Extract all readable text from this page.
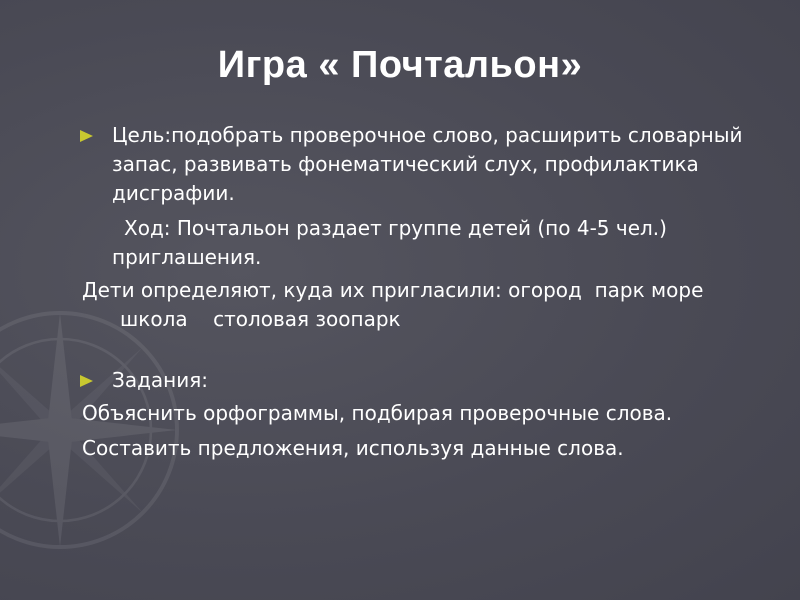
Игра « Почтальон»

Цель:подобрать проверочное слово, расширить словарный запас, развивать фонематический слух, профилактика дисграфии.

Ход: Почтальон раздает группе детей (по 4-5 чел.) приглашения.

Дети определяют, куда их пригласили: огород  парк море   школа    столовая зоопарк

Задания:

Объяснить орфограммы, подбирая проверочные слова.

Составить предложения, используя данные слова.
